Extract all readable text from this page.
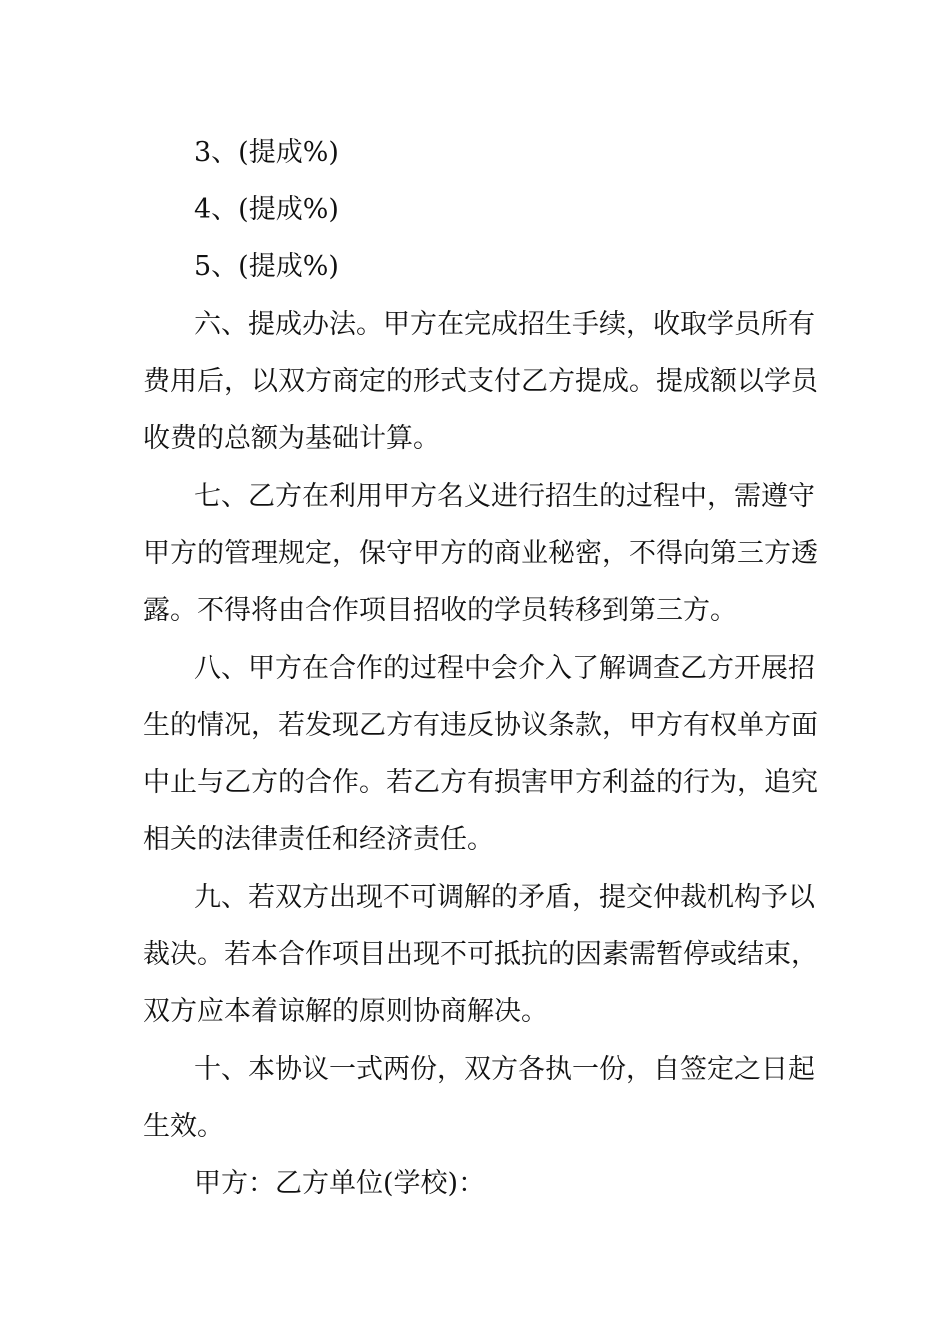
3、(提成%)
4、(提成%)
5、(提成%)
六、提成办法。甲方在完成招生手续，收取学员所有
费用后，以双方商定的形式支付乙方提成。提成额以学员
收费的总额为基础计算。
七、乙方在利用甲方名义进行招生的过程中，需遵守
甲方的管理规定，保守甲方的商业秘密，不得向第三方透
露。不得将由合作项目招收的学员转移到第三方。
八、甲方在合作的过程中会介入了解调查乙方开展招
生的情况，若发现乙方有违反协议条款，甲方有权单方面
中止与乙方的合作。若乙方有损害甲方利益的行为，追究
相关的法律责任和经济责任。
九、若双方出现不可调解的矛盾，提交仲裁机构予以
裁决。若本合作项目出现不可抵抗的因素需暂停或结束，
双方应本着谅解的原则协商解决。
十、本协议一式两份，双方各执一份，自签定之日起
生效。
甲方：乙方单位(学校)：
